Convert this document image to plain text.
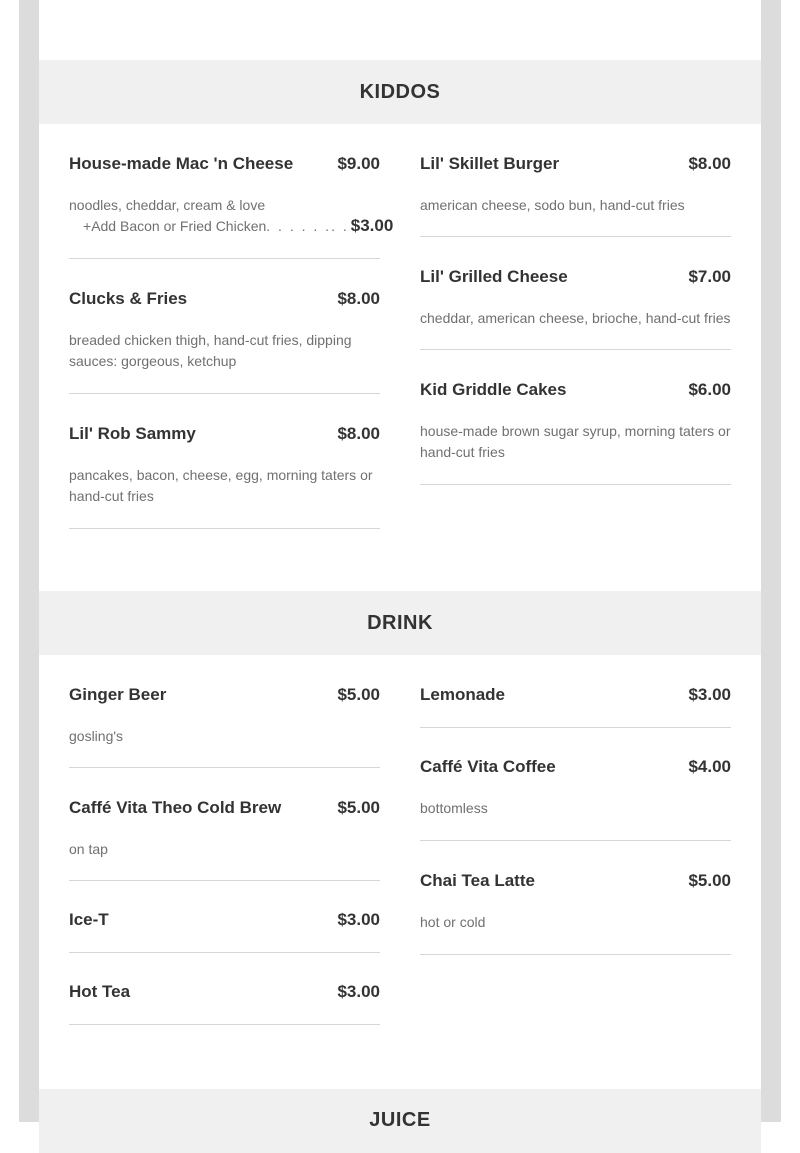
KIDDOS
House-made Mac 'n Cheese	$9.00
noodles, cheddar, cream & love
+ Add Bacon or Fried Chicken . . . . . .. . $3.00
Clucks & Fries	$8.00
breaded chicken thigh, hand-cut fries, dipping sauces: gorgeous, ketchup
Lil' Rob Sammy	$8.00
pancakes, bacon, cheese, egg, morning taters or hand-cut fries
Lil' Skillet Burger	$8.00
american cheese, sodo bun, hand-cut fries
Lil' Grilled Cheese	$7.00
cheddar, american cheese, brioche, hand-cut fries
Kid Griddle Cakes	$6.00
house-made brown sugar syrup, morning taters or hand-cut fries
DRINK
Ginger Beer	$5.00
gosling's
Caffé Vita Theo Cold Brew	$5.00
on tap
Ice-T	$3.00
Hot Tea	$3.00
Lemonade	$3.00
Caffé Vita Coffee	$4.00
bottomless
Chai Tea Latte	$5.00
hot or cold
JUICE
